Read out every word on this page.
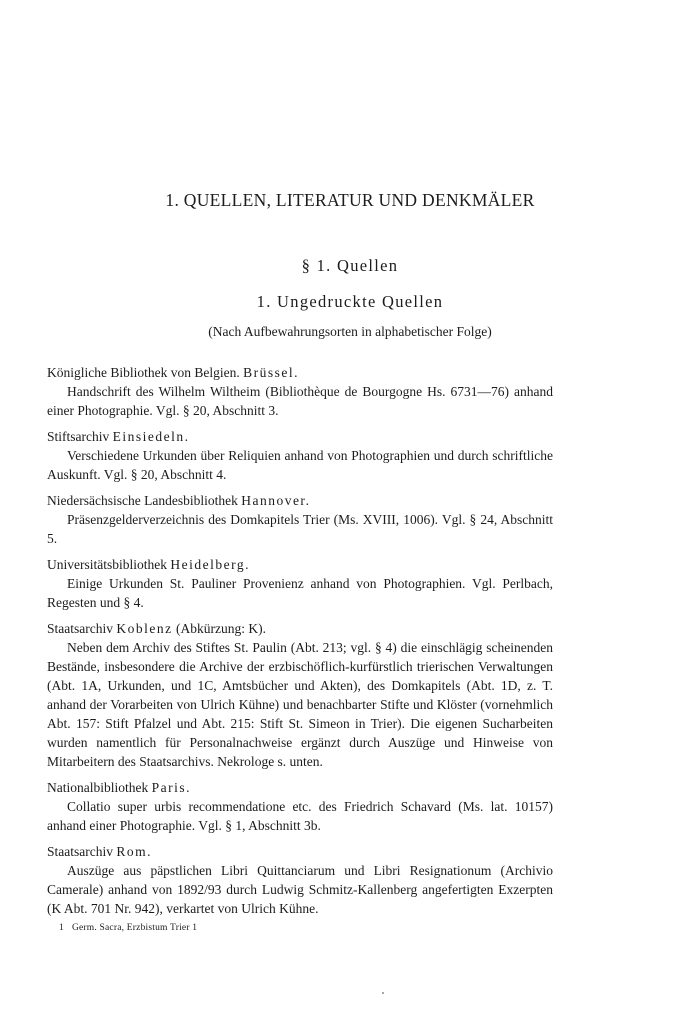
1. QUELLEN, LITERATUR UND DENKMÄLER
§ 1. Quellen
1. Ungedruckte Quellen

(Nach Aufbewahrungsorten in alphabetischer Folge)

Königliche Bibliothek von Belgien. Brüssel.

Handschrift des Wilhelm Wiltheim (Bibliothèque de Bourgogne Hs. 6731—76) anhand einer Photographie. Vgl. § 20, Abschnitt 3.

Stiftsarchiv Einsiedeln.

Verschiedene Urkunden über Reliquien anhand von Photographien und durch schriftliche Auskunft. Vgl. § 20, Abschnitt 4.

Niedersächsische Landesbibliothek Hannover.

Präsenzgelderverzeichnis des Domkapitels Trier (Ms. XVIII, 1006). Vgl. § 24, Abschnitt 5.

Universitätsbibliothek Heidelberg.

Einige Urkunden St. Pauliner Provenienz anhand von Photographien. Vgl. Perlbach, Regesten und § 4.

Staatsarchiv Koblenz (Abkürzung: K).

Neben dem Archiv des Stiftes St. Paulin (Abt. 213; vgl. § 4) die einschlägig scheinenden Bestände, insbesondere die Archive der erzbischöflich-kurfürstlich trierischen Verwaltungen (Abt. 1A, Urkunden, und 1C, Amtsbücher und Akten), des Domkapitels (Abt. 1D, z. T. anhand der Vorarbeiten von Ulrich Kühne) und benachbarter Stifte und Klöster (vornehmlich Abt. 157: Stift Pfalzel und Abt. 215: Stift St. Simeon in Trier). Die eigenen Sucharbeiten wurden namentlich für Personalnachweise ergänzt durch Auszüge und Hinweise von Mitarbeitern des Staatsarchivs. Nekrologe s. unten.

Nationalbibliothek Paris.

Collatio super urbis recommendatione etc. des Friedrich Schavard (Ms. lat. 10157) anhand einer Photographie. Vgl. § 1, Abschnitt 3b.

Staatsarchiv Rom.

Auszüge aus päpstlichen Libri Quittanciarum und Libri Resignationum (Archivio Camerale) anhand von 1892/93 durch Ludwig Schmitz-Kallenberg angefertigten Exzerpten (K Abt. 701 Nr. 942), verkartet von Ulrich Kühne.

1 Germ. Sacra, Erzbistum Trier 1
